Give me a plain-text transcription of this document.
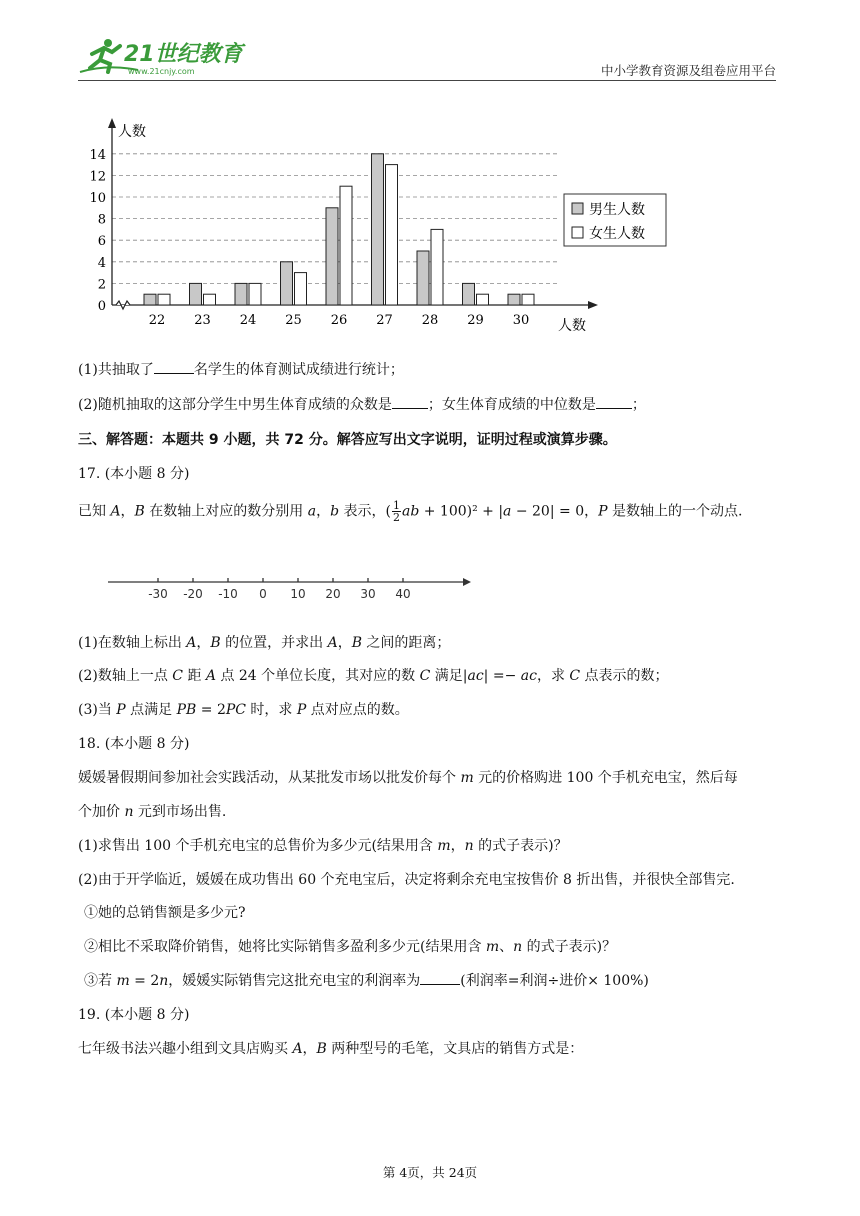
21世纪教育
www.21cnjy.com	中小学教育资源及组卷应用平台
0
2
4
6
8
10
12
14
人数
人数
22 23 24 25 26 27 28 29 30
男生人数
女生人数
(1)共抽取了	名学生的体育测试成绩进行统计；
(2)随机抽取的这部分学生中男生体育成绩的众数是	；女生体育成绩的中位数是	；
三、解答题：本题共 9 小题，共 72 分。解答应写出文字说明，证明过程或演算步骤。
17. (本小题 8 分)
已知 𝐴，𝐵 在数轴上对应的数分别用 𝑎，𝑏 表示，( $\frac{1}{2}$ 𝑎𝑏 + 100)² + |𝑎 − 20| = 0，𝑃 是数轴上的一个动点.
-30 -20 -10 0 10 20 30 40
(1)在数轴上标出 𝐴，𝐵 的位置，并求出 𝐴，𝐵 之间的距离；
(2)数轴上一点 𝐶 距 𝐴 点 24 个单位长度，其对应的数 𝐶 满足|𝑎𝑐| =− 𝑎𝑐，求 𝐶 点表示的数；
(3)当 𝑃 点满足 𝑃𝐵 = 2𝑃𝐶 时，求 𝑃 点对应点的数。
18. (本小题 8 分)
媛媛暑假期间参加社会实践活动，从某批发市场以批发价每个 𝑚 元的价格购进 100 个手机充电宝，然后每
个加价 𝑛 元到市场出售.
(1)求售出 100 个手机充电宝的总售价为多少元(结果用含 𝑚，𝑛 的式子表示)？
(2)由于开学临近，媛媛在成功售出 60 个充电宝后，决定将剩余充电宝按售价 8 折出售，并很快全部售完.
①她的总销售额是多少元?
②相比不采取降价销售，她将比实际销售多盈利多少元(结果用含 𝑚、𝑛 的式子表示)？
③若 𝑚 = 2𝑛，媛媛实际销售完这批充电宝的利润率为	(利润率=利润÷进价× 100%)
19. (本小题 8 分)
七年级书法兴趣小组到文具店购买 𝐴，𝐵 两种型号的毛笔，文具店的销售方式是：
第 4页，共 24页
